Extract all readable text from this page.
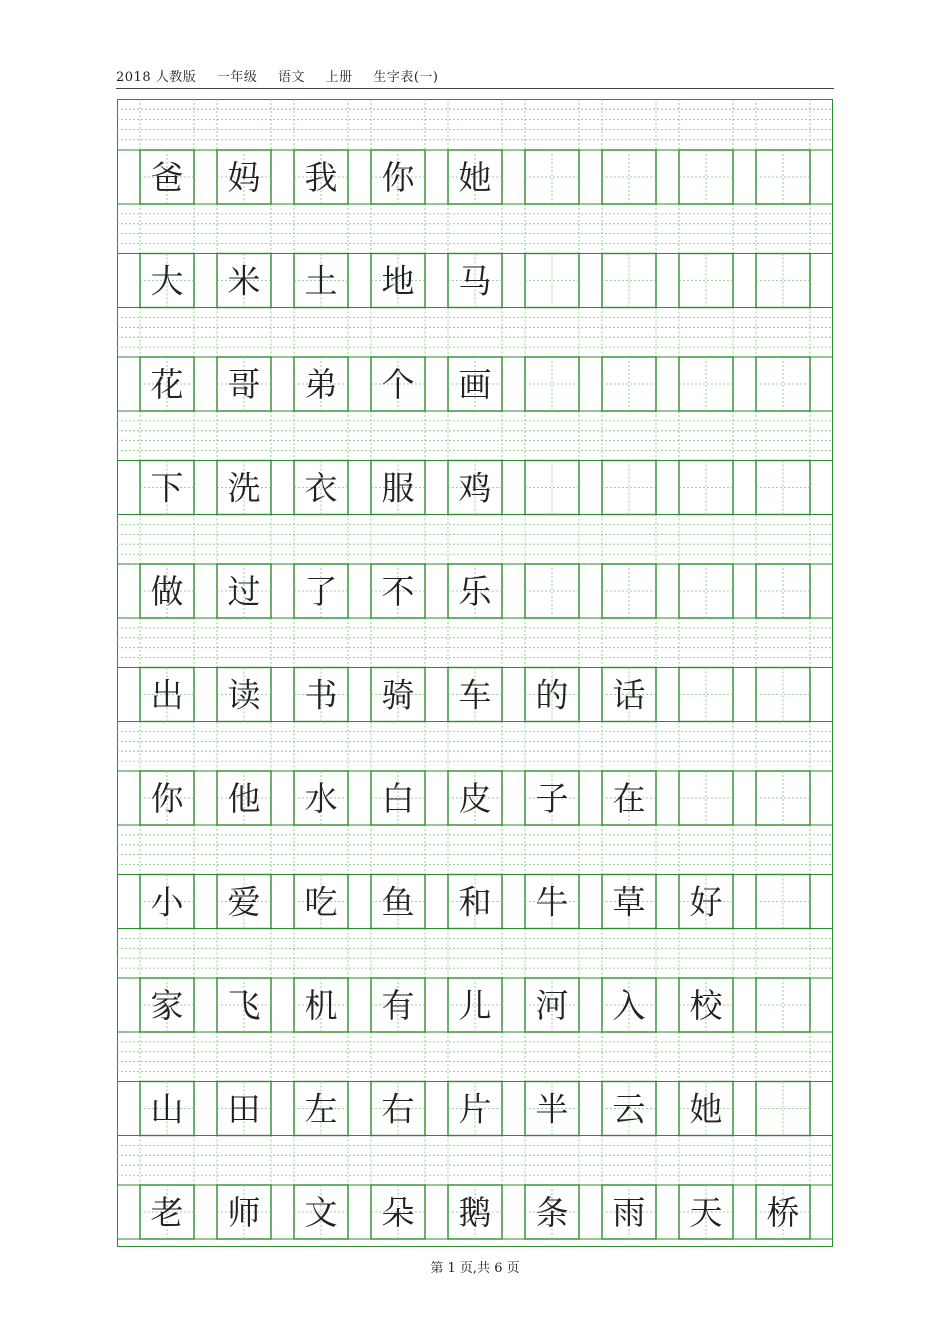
2018 人教版 一年级 语文 上册 生字表(一)
爸 妈 我 你 她
大 米 土 地 马
花 哥 弟 个 画
下 洗 衣 服 鸡
做 过 了 不 乐
出 读 书 骑 车 的 话
你 他 水 白 皮 子 在
小 爱 吃 鱼 和 牛 草 好
家 飞 机 有 儿 河 入 校
山 田 左 右 片 半 云 她
老 师 文 朵 鹅 条 雨 天 桥
第 1 页,共 6 页
